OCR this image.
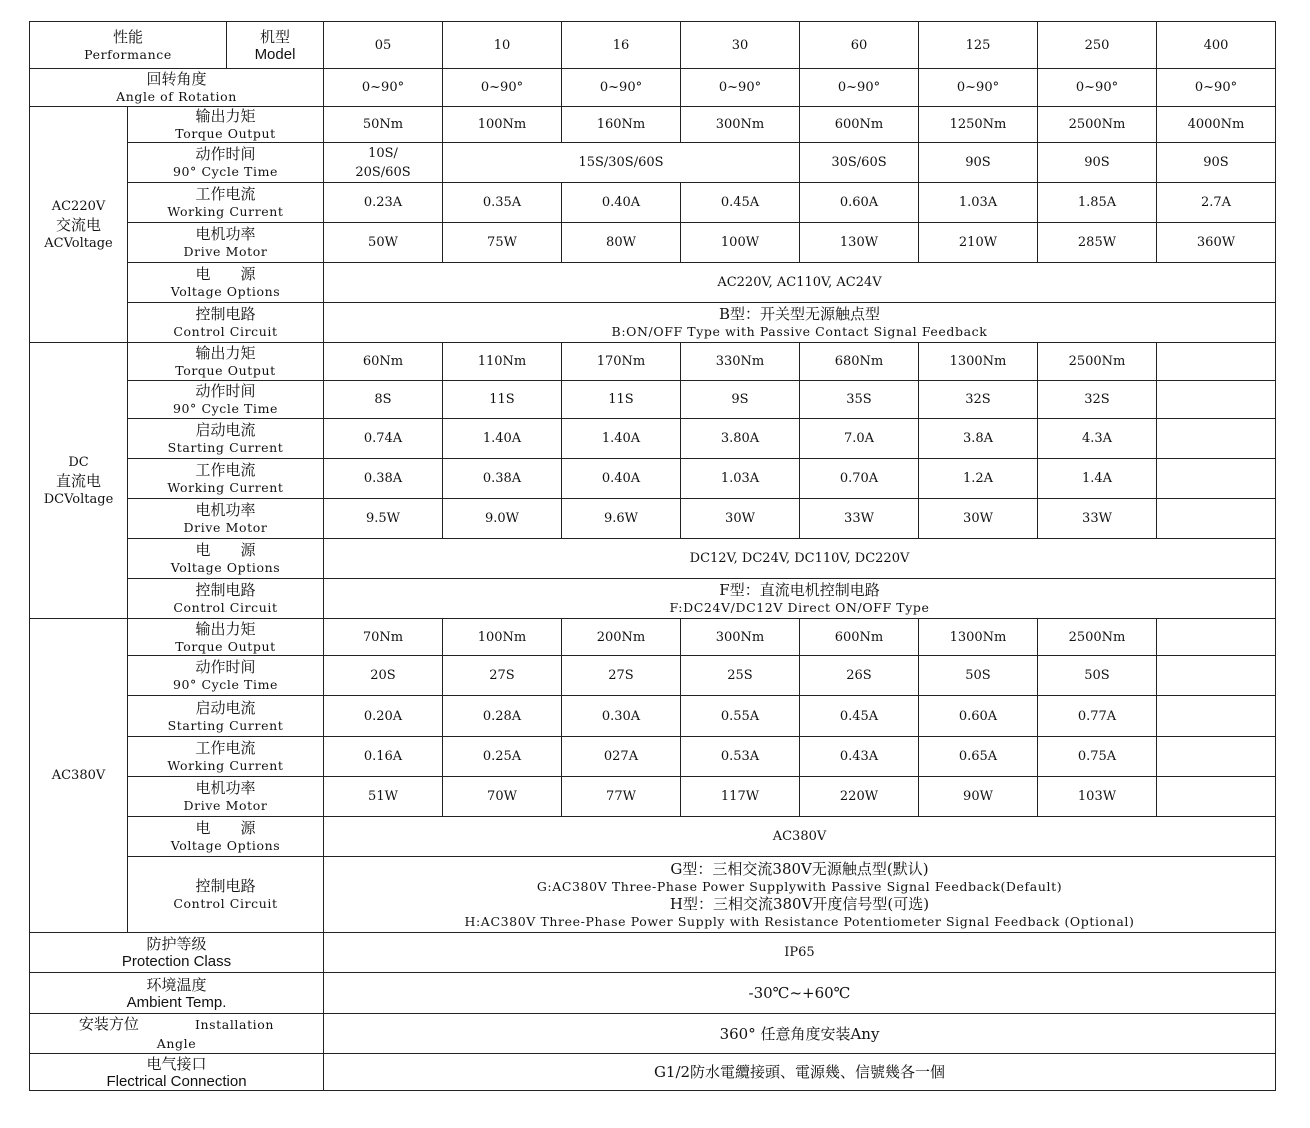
性能
Performance
机型
Model		05	10	16	30	60	125	250	400

回转角度
Angle of Rotation		0~90°	0~90°	0~90°	0~90°	0~90°	0~90°	0~90°	0~90°

AC220V
交流电
ACVoltage	输出力矩
Torque Output	50Nm	100Nm	160Nm	300Nm	600Nm	1250Nm	2500Nm	4000Nm

	动作时间
90° Cycle Time	10S/
20S/60S	15S/30S/60S			30S/60S	90S	90S	90S

	工作电流
Working Current	0.23A	0.35A	0.40A	0.45A	0.60A	1.03A	1.85A	2.7A

	电机功率
Drive Motor	50W	75W	80W	100W	130W	210W	285W	360W

	电　　源
Voltage Options	AC220V, AC110V, AC24V							

	控制电路
Control Circuit	B型：开关型无源触点型
B:ON/OFF Type with Passive Contact Signal Feedback							

DC
直流电
DCVoltage	输出力矩
Torque Output	60Nm	110Nm	170Nm	330Nm	680Nm	1300Nm	2500Nm	

	动作时间
90° Cycle Time	8S	11S	11S	9S	35S	32S	32S	

	启动电流
Starting Current	0.74A	1.40A	1.40A	3.80A	7.0A	3.8A	4.3A	

	工作电流
Working Current	0.38A	0.38A	0.40A	1.03A	0.70A	1.2A	1.4A	

	电机功率
Drive Motor	9.5W	9.0W	9.6W	30W	33W	30W	33W	

	电　　源
Voltage Options	DC12V, DC24V, DC110V, DC220V							

	控制电路
Control Circuit	F型：直流电机控制电路
F:DC24V/DC12V Direct ON/OFF Type							

AC380V	输出力矩
Torque Output	70Nm	100Nm	200Nm	300Nm	600Nm	1300Nm	2500Nm	

	动作时间
90° Cycle Time	20S	27S	27S	25S	26S	50S	50S	

	启动电流
Starting Current	0.20A	0.28A	0.30A	0.55A	0.45A	0.60A	0.77A	

	工作电流
Working Current	0.16A	0.25A	027A	0.53A	0.43A	0.65A	0.75A	

	电机功率
Drive Motor	51W	70W	77W	117W	220W	90W	103W	

	电　　源
Voltage Options	AC380V							

	控制电路
Control Circuit	G型：三相交流380V无源触点型(默认)
G:AC380V Three-Phase Power Supplywith Passive Signal Feedback(Default)
H型：三相交流380V开度信号型(可选)
H:AC380V Three-Phase Power Supply with Resistance Potentiometer Signal Feedback (Optional)							

防护等级
Protection Class		IP65							

环境温度
Ambient Temp.		-30℃~+60℃							

安装方位 Installation
Angle		360° 任意角度安装Any							

电气接口
Flectrical Connection		G1/2防水電纜接頭、電源幾、信號幾各一個							
